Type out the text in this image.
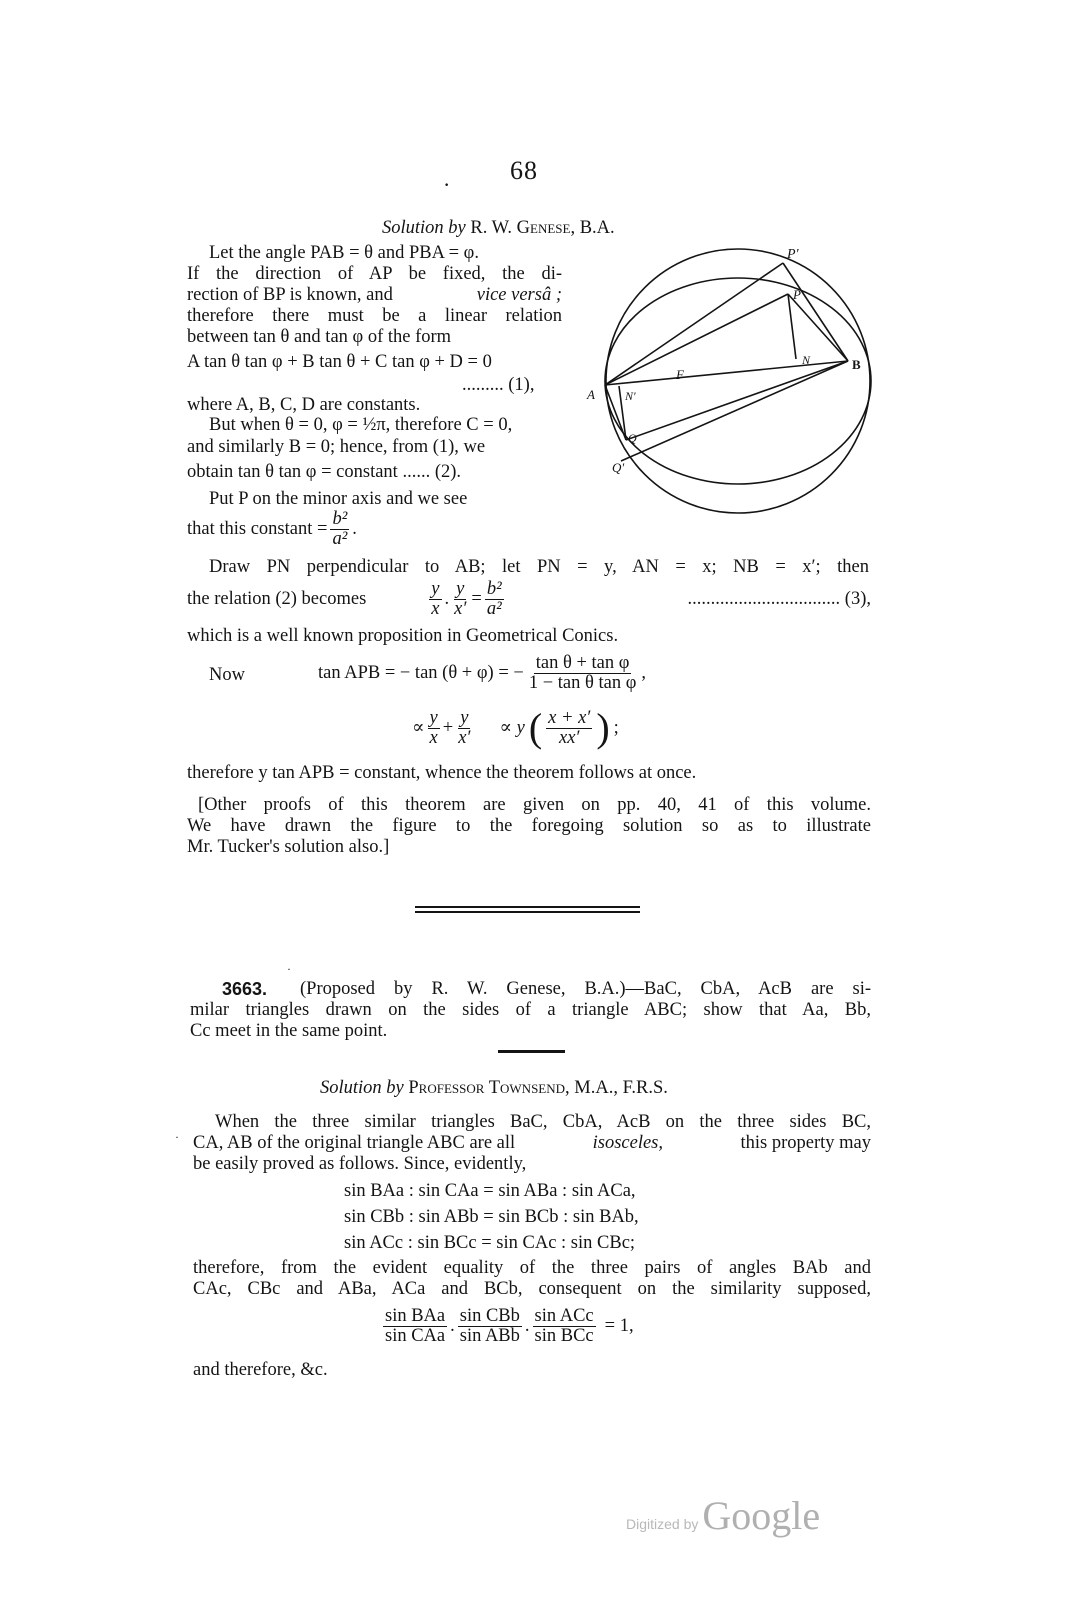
· 68
Solution by R. W. Genese, B.A.
Let the angle PAB = θ and PBA = φ.
If the direction of AP be fixed, the di-
rection of BP is known, and	vice versâ ;
therefore there must be a linear relation
between tan θ and tan φ of the form
A tan θ tan φ + B tan θ + C tan φ + D = 0
......... (1),
where A, B, C, D are constants.
But when θ = 0, φ = ½π, therefore C = 0,
and similarly B = 0; hence, from (1), we
obtain tan θ tan φ = constant ...... (2).
Put P on the minor axis and we see
that this constant = $\frac{\text{b²}}{\text{a²}}$ .
Draw PN perpendicular to AB; let PN = y, AN = x; NB = x′; then
the relation (2) becomes	$\frac{y}{x}$ . $\frac{y}{x'} = \frac{\text{b²}}{\text{a²}}$	................................. (3),
which is a well known proposition in Geometrical Conics.
Now	tan APB = − tan (θ + φ) = − $\frac{\text{tan θ + tan φ}}{\text{1 − tan θ tan φ}}$ ,
∝ $\frac{y}{x} + \frac{y}{x'} \propto y$ ( $\frac{x + x'}{xx'}$ ) ;
therefore y tan APB = constant, whence the theorem follows at once.
[Other proofs of this theorem are given on pp. 40, 41 of this volume.
We have drawn the figure to the foregoing solution so as to illustrate
Mr. Tucker's solution also.]
P′
P
N	B
F
A	N′
Q
Q′
·
3663. (Proposed by R. W. Genese, B.A.)—BaC, CbA, AcB are si-
milar triangles drawn on the sides of a triangle ABC; show that Aa, Bb,
Cc meet in the same point.
Solution by Professor Townsend, M.A., F.R.S.
When the three similar triangles BaC, CbA, AcB on the three sides BC,
· CA, AB of the original triangle ABC are all	isosceles,	this property may
be easily proved as follows. Since, evidently,
sin BAa : sin CAa = sin ABa : sin ACa,
sin CBb : sin ABb = sin BCb : sin BAb,
sin ACc : sin BCc = sin CAc : sin CBc;
therefore, from the evident equality of the three pairs of angles BAb and
CAc, CBc and ABa, ACa and BCb, consequent on the similarity supposed,
$\frac{\text{sin BAa}}{\text{sin CAa}}$ . $\frac{\text{sin CBb}}{\text{sin ABb}}$ . $\frac{\text{sin ACc}}{\text{sin BCc}} = 1$,
and therefore, &c.
Digitized by Google
